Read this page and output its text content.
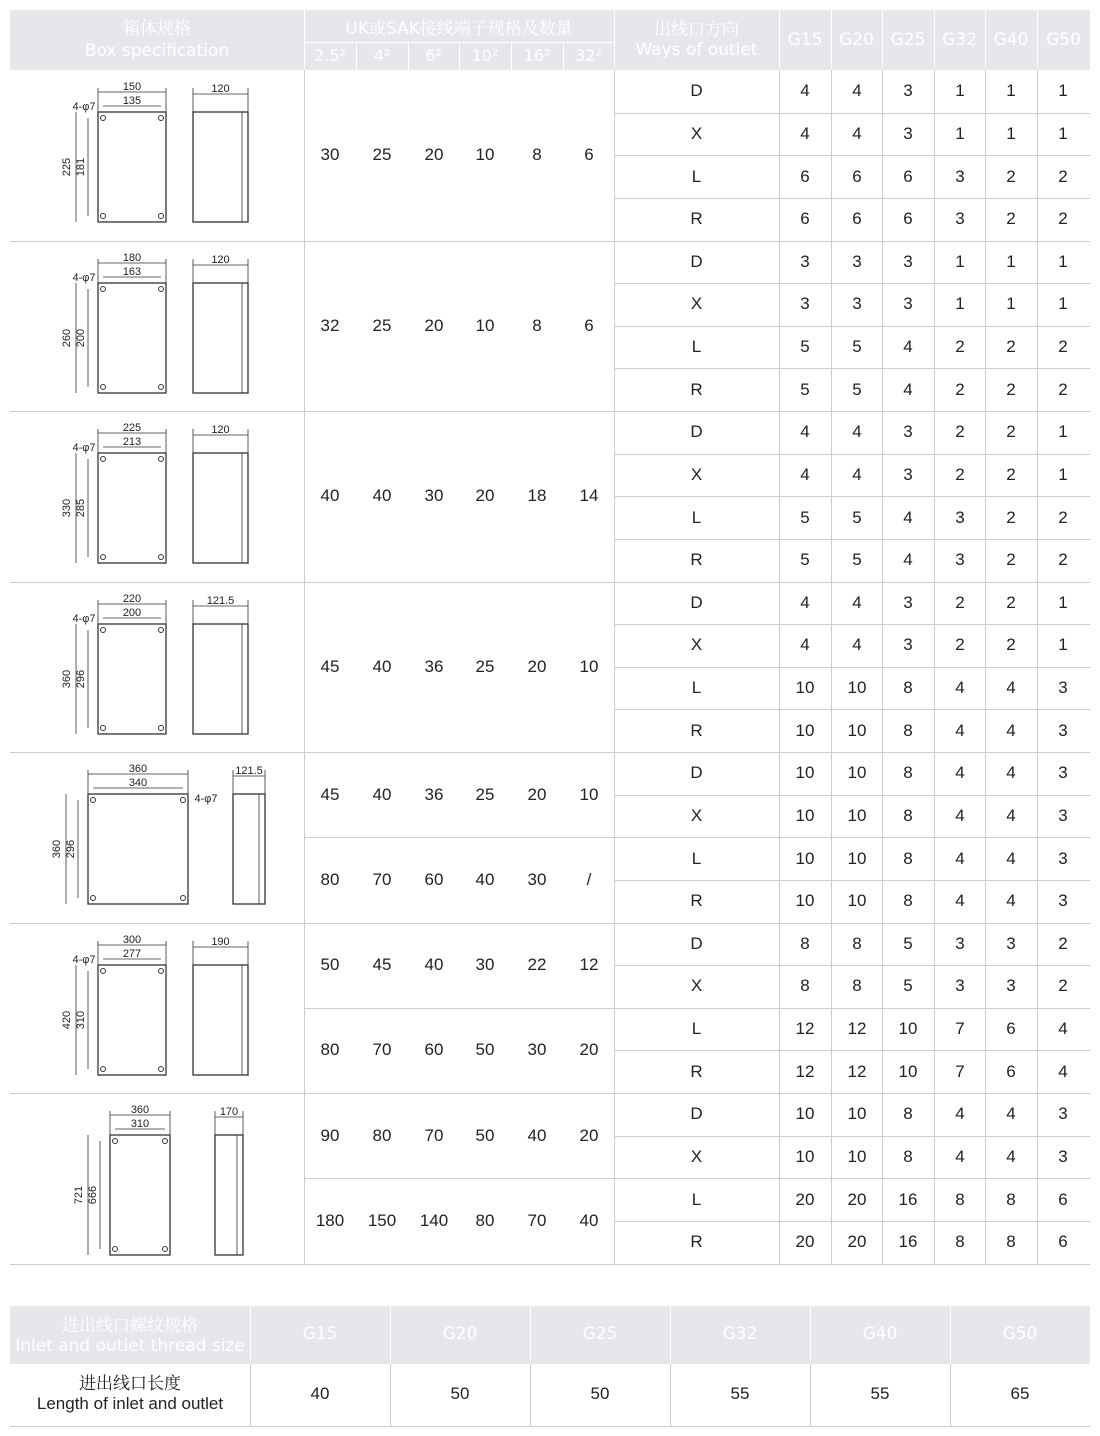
箱体规格
Box specification
UK或SAK接线端子规格及数量
2.5²	4²	6²	10²	16²	32²
出线口方向
Ways of outlet	G15 G20 G25 G32 G40	G50
150
135
225 181
4-φ7
120
30	25	20	10	8	6
D	4	4	3	1	1	1
X	4	4	3	1	1	1
L	6	6	6	3	2	2
R	6	6	6	3	2	2
180
163
260 200
4-φ7
120
32	25	20	10	8	6
D	3	3	3	1	1	1
X	3	3	3	1	1	1
L	5	5	4	2	2	2
R	5	5	4	2	2	2
225
213
330 285
4-φ7
120
40	40	30	20	18	14
D	4	4	3	2	2	1
X	4	4	3	2	2	1
L	5	5	4	3	2	2
R	5	5	4	3	2	2
220
200
360 296
4-φ7
121.5
45	40	36	25	20	10
D	4	4	3	2	2	1
X	4	4	3	2	2	1
L	10	10	8	4	4	3
R	10	10	8	4	4	3
360
340
360 296
4-φ7
121.5
45	40	36	25	20	10
80	70	60	40	30	/
D	10	10	8	4	4	3
X	10	10	8	4	4	3
L	10	10	8	4	4	3
R	10	10	8	4	4	3
300
277
420 310
4-φ7
190
50	45	40	30	22	12
80	70	60	50	30	20
D	8	8	5	3	3	2
X	8	8	5	3	3	2
L	12	12	10	7	6	4
R	12	12	10	7	6	4
360
310
721 666
170
90	80	70	50	40	20
180	150	140	80	70	40
D	10	10	8	4	4	3
X	10	10	8	4	4	3
L	20	20	16	8	8	6
R	20	20	16	8	8	6
进出线口螺纹规格
Inlet and outlet thread size
G15	G20	G25	G32	G40	G50
进出线口长度
Length of inlet and outlet
40	50	50	55	55	65
